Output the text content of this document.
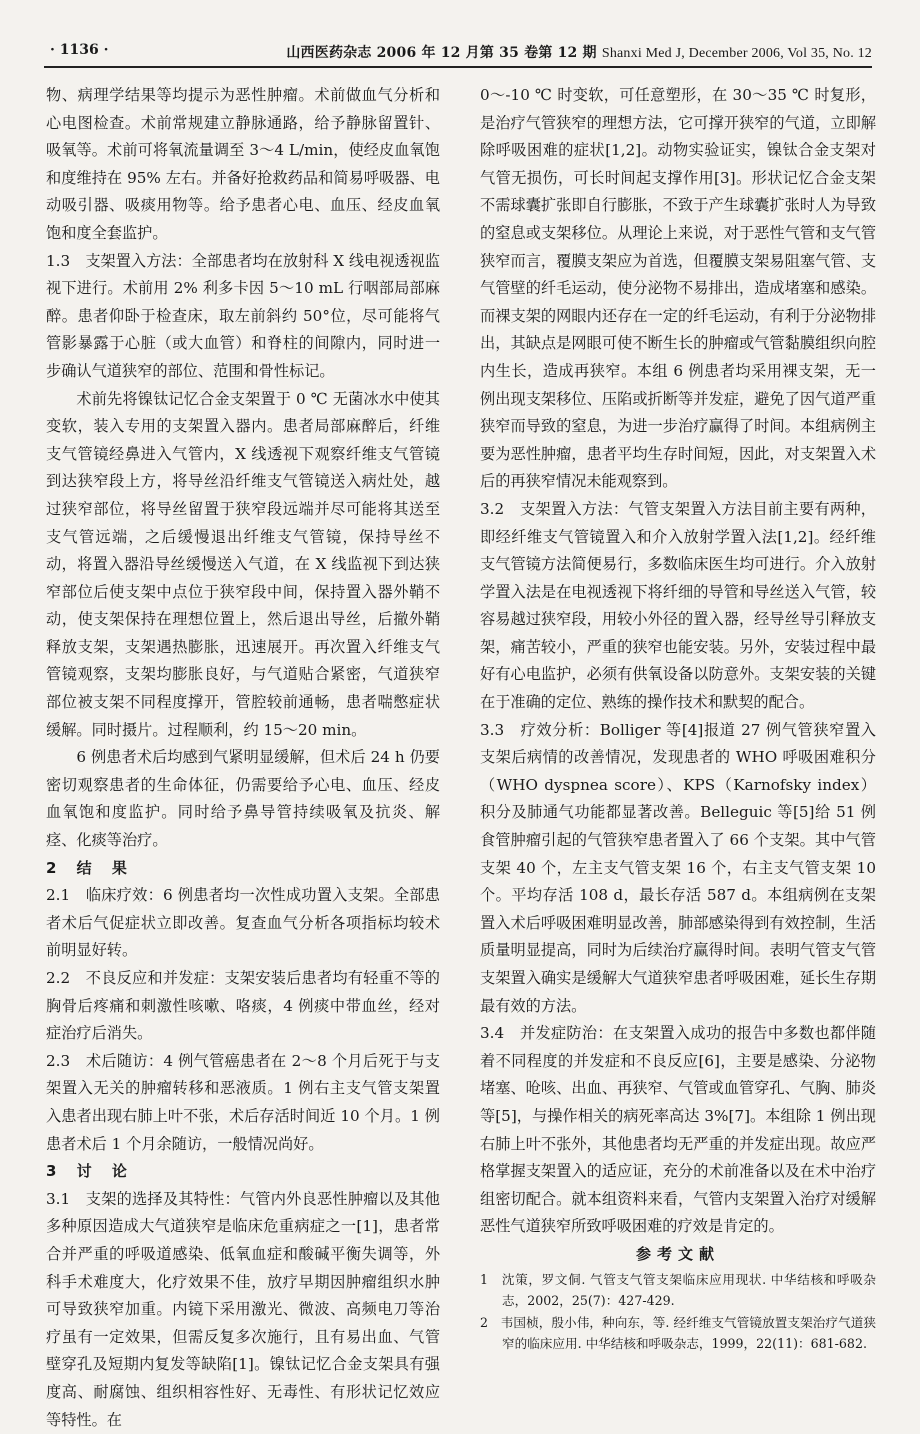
· 1136 ·	山西医药杂志 2006 年 12 月第 35 卷第 12 期 Shanxi Med J, December 2006, Vol 35, No. 12

物、病理学结果等均提示为恶性肿瘤。术前做血气分析和心电图检查。术前常规建立静脉通路，给予静脉留置针、吸氧等。术前可将氧流量调至 3～4 L/min，使经皮血氧饱和度维持在 95% 左右。并备好抢救药品和简易呼吸器、电动吸引器、吸痰用物等。给予患者心电、血压、经皮血氧饱和度全套监护。

1.3　支架置入方法：全部患者均在放射科 X 线电视透视监视下进行。术前用 2% 利多卡因 5～10 mL 行咽部局部麻醉。患者仰卧于检查床，取左前斜约 50°位，尽可能将气管影暴露于心脏（或大血管）和脊柱的间隙内，同时进一步确认气道狭窄的部位、范围和骨性标记。

术前先将镍钛记忆合金支架置于 0 ℃ 无菌冰水中使其变软，装入专用的支架置入器内。患者局部麻醉后，纤维支气管镜经鼻进入气管内，X 线透视下观察纤维支气管镜到达狭窄段上方，将导丝沿纤维支气管镜送入病灶处，越过狭窄部位，将导丝留置于狭窄段远端并尽可能将其送至支气管远端，之后缓慢退出纤维支气管镜，保持导丝不动，将置入器沿导丝缓慢送入气道，在 X 线监视下到达狭窄部位后使支架中点位于狭窄段中间，保持置入器外鞘不动，使支架保持在理想位置上，然后退出导丝，后撤外鞘释放支架，支架遇热膨胀，迅速展开。再次置入纤维支气管镜观察，支架均膨胀良好，与气道贴合紧密，气道狭窄部位被支架不同程度撑开，管腔较前通畅，患者喘憋症状缓解。同时摄片。过程顺利，约 15～20 min。

6 例患者术后均感到气紧明显缓解，但术后 24 h 仍要密切观察患者的生命体征，仍需要给予心电、血压、经皮血氧饱和度监护。同时给予鼻导管持续吸氧及抗炎、解痉、化痰等治疗。

2 结 果

2.1　临床疗效：6 例患者均一次性成功置入支架。全部患者术后气促症状立即改善。复查血气分析各项指标均较术前明显好转。

2.2　不良反应和并发症：支架安装后患者均有轻重不等的胸骨后疼痛和刺激性咳嗽、咯痰，4 例痰中带血丝，经对症治疗后消失。

2.3　术后随访：4 例气管癌患者在 2～8 个月后死于与支架置入无关的肿瘤转移和恶液质。1 例右主支气管支架置入患者出现右肺上叶不张，术后存活时间近 10 个月。1 例患者术后 1 个月余随访，一般情况尚好。

3 讨 论

3.1　支架的选择及其特性：气管内外良恶性肿瘤以及其他多种原因造成大气道狭窄是临床危重病症之一[1]，患者常合并严重的呼吸道感染、低氧血症和酸碱平衡失调等，外科手术难度大，化疗效果不佳，放疗早期因肿瘤组织水肿可导致狭窄加重。内镜下采用激光、微波、高频电刀等治疗虽有一定效果，但需反复多次施行，且有易出血、气管壁穿孔及短期内复发等缺陷[1]。镍钛记忆合金支架具有强度高、耐腐蚀、组织相容性好、无毒性、有形状记忆效应等特性。在

0～-10 ℃ 时变软，可任意塑形，在 30～35 ℃ 时复形，是治疗气管狭窄的理想方法，它可撑开狭窄的气道，立即解除呼吸困难的症状[1,2]。动物实验证实，镍钛合金支架对气管无损伤，可长时间起支撑作用[3]。形状记忆合金支架不需球囊扩张即自行膨胀，不致于产生球囊扩张时人为导致的窒息或支架移位。从理论上来说，对于恶性气管和支气管狭窄而言，覆膜支架应为首选，但覆膜支架易阻塞气管、支气管壁的纤毛运动，使分泌物不易排出，造成堵塞和感染。而裸支架的网眼内还存在一定的纤毛运动，有利于分泌物排出，其缺点是网眼可使不断生长的肿瘤或气管黏膜组织向腔内生长，造成再狭窄。本组 6 例患者均采用裸支架，无一例出现支架移位、压陷或折断等并发症，避免了因气道严重狭窄而导致的窒息，为进一步治疗赢得了时间。本组病例主要为恶性肿瘤，患者平均生存时间短，因此，对支架置入术后的再狭窄情况未能观察到。

3.2　支架置入方法：气管支架置入方法目前主要有两种，即经纤维支气管镜置入和介入放射学置入法[1,2]。经纤维支气管镜方法简便易行，多数临床医生均可进行。介入放射学置入法是在电视透视下将纤细的导管和导丝送入气管，较容易越过狭窄段，用较小外径的置入器，经导丝导引释放支架，痛苦较小，严重的狭窄也能安装。另外，安装过程中最好有心电监护，必须有供氧设备以防意外。支架安装的关键在于准确的定位、熟练的操作技术和默契的配合。

3.3　疗效分析：Bolliger 等[4]报道 27 例气管狭窄置入支架后病情的改善情况，发现患者的 WHO 呼吸困难积分（WHO dyspnea score）、KPS（Karnofsky index）积分及肺通气功能都显著改善。Belleguic 等[5]给 51 例食管肿瘤引起的气管狭窄患者置入了 66 个支架。其中气管支架 40 个，左主支气管支架 16 个，右主支气管支架 10 个。平均存活 108 d，最长存活 587 d。本组病例在支架置入术后呼吸困难明显改善，肺部感染得到有效控制，生活质量明显提高，同时为后续治疗赢得时间。表明气管支气管支架置入确实是缓解大气道狭窄患者呼吸困难，延长生存期最有效的方法。

3.4　并发症防治：在支架置入成功的报告中多数也都伴随着不同程度的并发症和不良反应[6]，主要是感染、分泌物堵塞、呛咳、出血、再狭窄、气管或血管穿孔、气胸、肺炎等[5]，与操作相关的病死率高达 3%[7]。本组除 1 例出现右肺上叶不张外，其他患者均无严重的并发症出现。故应严格掌握支架置入的适应证，充分的术前准备以及在术中治疗组密切配合。就本组资料来看，气管内支架置入治疗对缓解恶性气道狭窄所致呼吸困难的疗效是肯定的。

参考文献

1　沈策，罗文侗. 气管支气管支架临床应用现状. 中华结核和呼吸杂志，2002，25(7)：427-429.

2　韦国桢，殷小伟，种向东，等. 经纤维支气管镜放置支架治疗气道狭窄的临床应用. 中华结核和呼吸杂志，1999，22(11)：681-682.
